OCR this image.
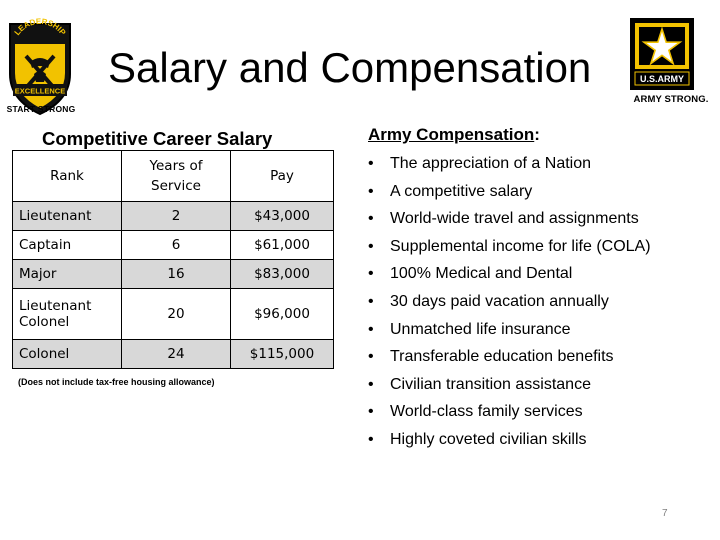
LEADERSHIP
EXCELLENCE
START STRONG
Salary and Compensation	U.S.ARMY
ARMY STRONG.
Competitive Career Salary
Rank	Years of Service	Pay
Lieutenant	2	$43,000
Captain	6	$61,000
Major	16	$83,000
Lieutenant Colonel	20	$96,000
Colonel	24	$115,000
(Does not include tax-free housing allowance)
Army Compensation:
•	The appreciation of a Nation
•	A competitive salary
•	World-wide travel and assignments
•	Supplemental income for life (COLA)
•	100% Medical and Dental
•	30 days paid vacation annually
•	Unmatched life insurance
•	Transferable education benefits
•	Civilian transition assistance
•	World-class family services
•	Highly coveted civilian skills
7
